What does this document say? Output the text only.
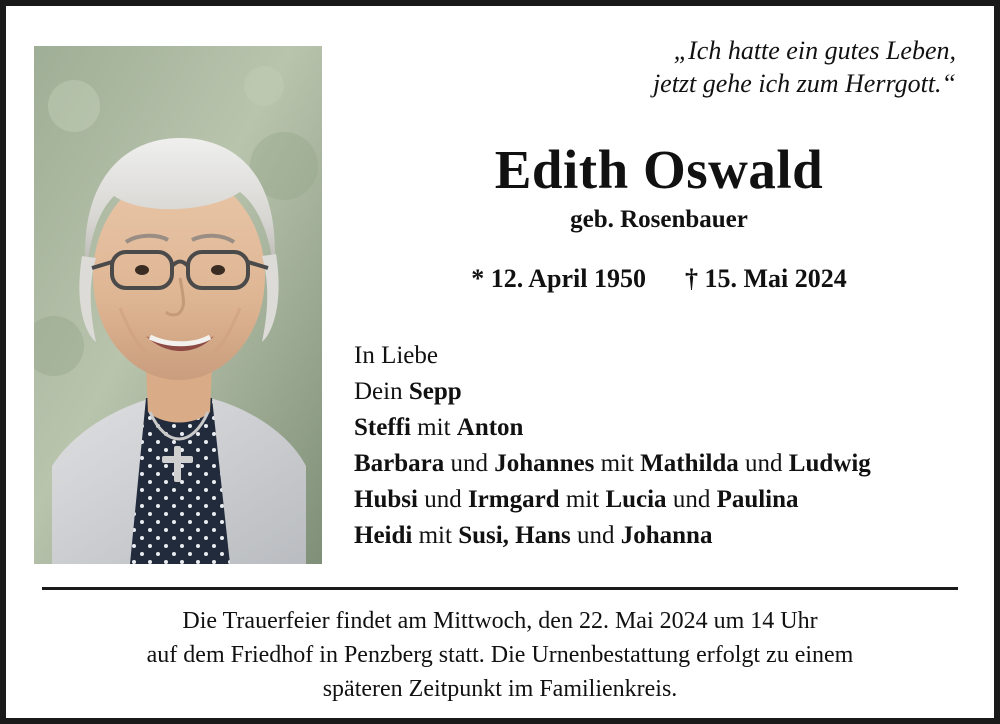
„Ich hatte ein gutes Leben,
jetzt gehe ich zum Herrgott.“
Edith Oswald
geb. Rosenbauer
* 12. April 1950 † 15. Mai 2024
In Liebe
Dein Sepp
Steffi mit Anton
Barbara und Johannes mit Mathilda und Ludwig
Hubsi und Irmgard mit Lucia und Paulina
Heidi mit Susi, Hans und Johanna
Die Trauerfeier findet am Mittwoch, den 22. Mai 2024 um 14 Uhr
auf dem Friedhof in Penzberg statt. Die Urnenbestattung erfolgt zu einem
späteren Zeitpunkt im Familienkreis.
